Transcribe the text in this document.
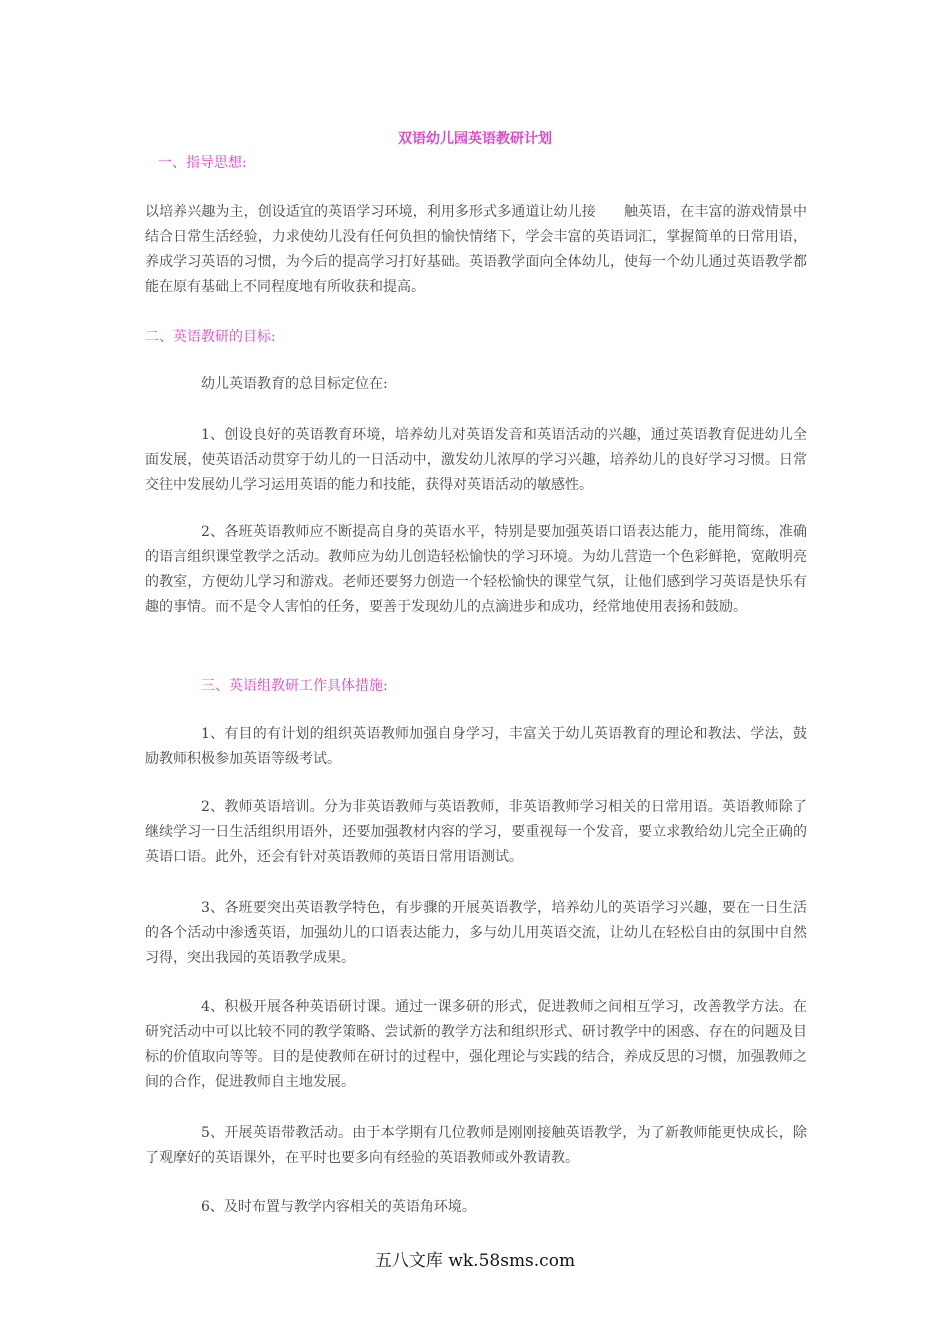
双语幼儿园英语教研计划
一、指导思想:
以培养兴趣为主，创设适宜的英语学习环境，利用多形式多通道让幼儿接　　触英语，在丰富的游戏情景中结合日常生活经验，力求使幼儿没有任何负担的愉快情绪下，学会丰富的英语词汇，掌握简单的日常用语，养成学习英语的习惯，为今后的提高学习打好基础。英语教学面向全体幼儿，使每一个幼儿通过英语教学都能在原有基础上不同程度地有所收获和提高。
二、英语教研的目标:
幼儿英语教育的总目标定位在:
1、创设良好的英语教育环境，培养幼儿对英语发音和英语活动的兴趣，通过英语教育促进幼儿全面发展，使英语活动贯穿于幼儿的一日活动中，激发幼儿浓厚的学习兴趣，培养幼儿的良好学习习惯。日常交往中发展幼儿学习运用英语的能力和技能，获得对英语活动的敏感性。
2、各班英语教师应不断提高自身的英语水平，特别是要加强英语口语表达能力，能用简练，准确的语言组织课堂教学之活动。教师应为幼儿创造轻松愉快的学习环境。为幼儿营造一个色彩鲜艳，宽敞明亮的教室，方便幼儿学习和游戏。老师还要努力创造一个轻松愉快的课堂气氛，让他们感到学习英语是快乐有趣的事情。而不是令人害怕的任务，要善于发现幼儿的点滴进步和成功，经常地使用表扬和鼓励。
三、英语组教研工作具体措施:
1、有目的有计划的组织英语教师加强自身学习，丰富关于幼儿英语教育的理论和教法、学法，鼓励教师积极参加英语等级考试。
2、教师英语培训。分为非英语教师与英语教师，非英语教师学习相关的日常用语。英语教师除了继续学习一日生活组织用语外，还要加强教材内容的学习，要重视每一个发音，要立求教给幼儿完全正确的英语口语。此外，还会有针对英语教师的英语日常用语测试。
3、各班要突出英语教学特色，有步骤的开展英语教学，培养幼儿的英语学习兴趣，要在一日生活的各个活动中渗透英语，加强幼儿的口语表达能力，多与幼儿用英语交流，让幼儿在轻松自由的氛围中自然习得，突出我园的英语教学成果。
4、积极开展各种英语研讨课。通过一课多研的形式，促进教师之间相互学习，改善教学方法。在研究活动中可以比较不同的教学策略、尝试新的教学方法和组织形式、研讨教学中的困惑、存在的问题及目标的价值取向等等。目的是使教师在研讨的过程中，强化理论与实践的结合，养成反思的习惯，加强教师之间的合作，促进教师自主地发展。
5、开展英语带教活动。由于本学期有几位教师是刚刚接触英语教学，为了新教师能更快成长，除了观摩好的英语课外，在平时也要多向有经验的英语教师或外教请教。
6、及时布置与教学内容相关的英语角环境。
五八文库 wk.58sms.com
